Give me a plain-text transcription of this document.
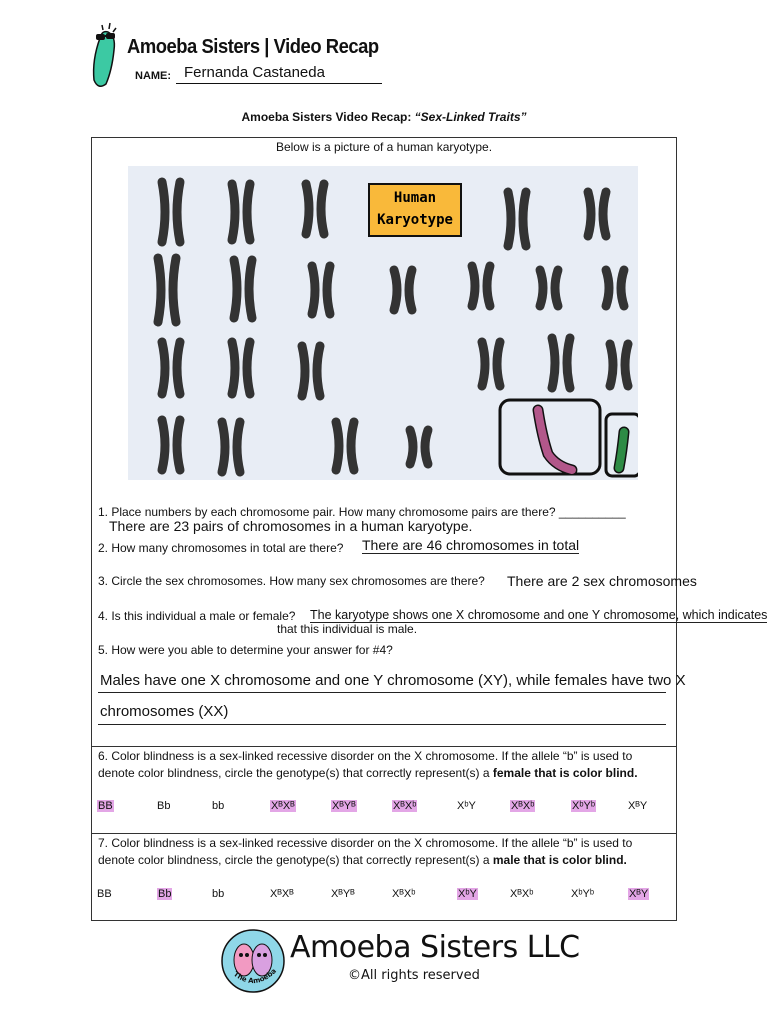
Amoeba Sisters | Video Recap
NAME: Fernanda Castaneda
Amoeba Sisters Video Recap: “Sex-Linked Traits”
Below is a picture of a human karyotype.
Human
Karyotype
1. Place numbers by each chromosome pair. How many chromosome pairs are there? __________
There are 23 pairs of chromosomes in a human karyotype.
2. How many chromosomes in total are there? There are 46 chromosomes in total
3. Circle the sex chromosomes. How many sex chromosomes are there? There are 2 sex chromosomes
4. Is this individual a male or female? The karyotype shows one X chromosome and one Y chromosome, which indicates
that this individual is male.
5. How were you able to determine your answer for #4?
Males have one X chromosome and one Y chromosome (XY), while females have two X
chromosomes (XX)
6. Color blindness is a sex-linked recessive disorder on the X chromosome. If the allele “b” is used to
denote color blindness, circle the genotype(s) that correctly represent(s) a female that is color blind.
BB	Bb	bb	XᴮXᴮ	XᴮYᴮ	XᴮXᵇ	XᵇY	XᴮXᵇ	XᵇYᵇ	XᴮY
7. Color blindness is a sex-linked recessive disorder on the X chromosome. If the allele “b” is used to
denote color blindness, circle the genotype(s) that correctly represent(s) a male that is color blind.
BB	Bb	bb	XᴮXᴮ	XᴮYᴮ	XᴮXᵇ	XᵇY	XᴮXᵇ	XᵇYᵇ	XᴮY
The Amoeba
Amoeba Sisters LLC
©All rights reserved
